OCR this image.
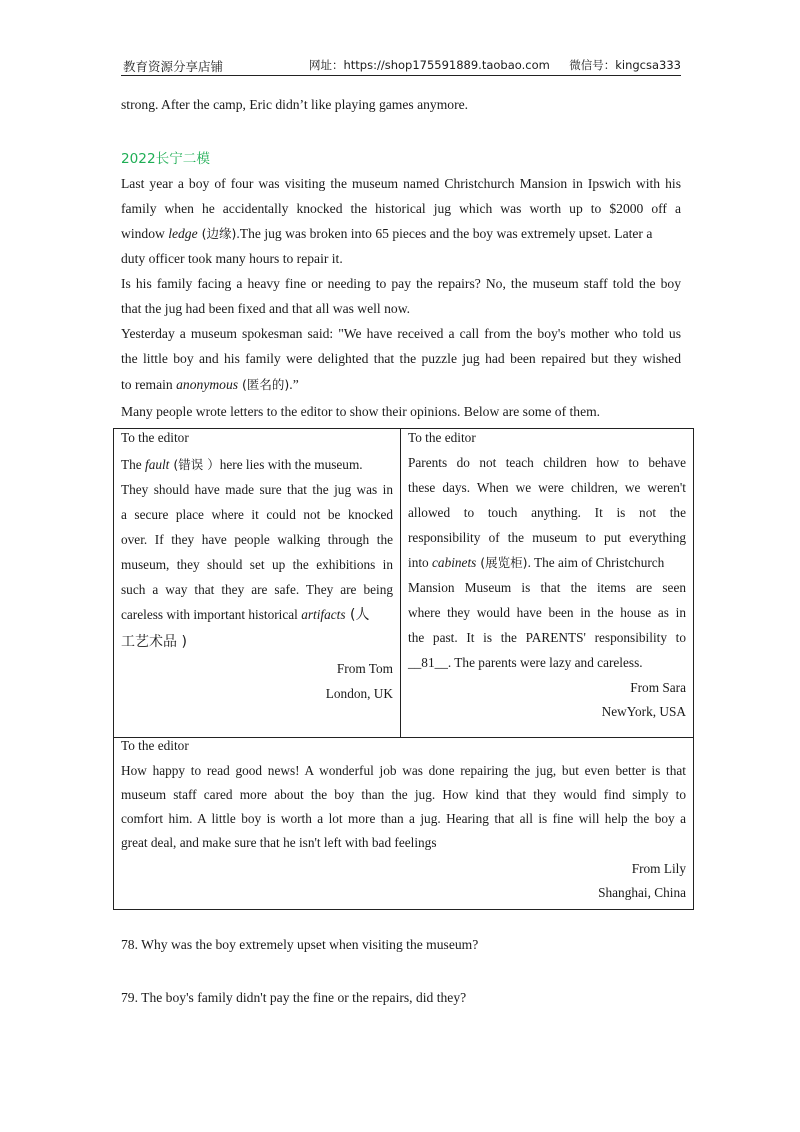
教育资源分享店铺	网址：https://shop175591889.taobao.com 微信号：kingcsa333
strong. After the camp, Eric didn’t like playing games anymore.
2022长宁二模
Last year a boy of four was visiting the museum named Christchurch Mansion in Ipswich with his
family when he accidentally knocked the historical jug which was worth up to $2000 off a
window ledge (边缘).The jug was broken into 65 pieces and the boy was extremely upset. Later a
duty officer took many hours to repair it.
Is his family facing a heavy fine or needing to pay the repairs? No, the museum staff told the boy
that the jug had been fixed and that all was well now.
Yesterday a museum spokesman said: "We have received a call from the boy's mother who told us
the little boy and his family were delighted that the puzzle jug had been repaired but they wished
to remain anonymous (匿名的).”
Many people wrote letters to the editor to show their opinions. Below are some of them.
To the editor
The fault (错误 ）here lies with the museum.
They should have made sure that the jug was in
a secure place where it could not be knocked
over. If they have people walking through the
museum, they should set up the exhibitions in
such a way that they are safe. They are being
careless with important historical artifacts (人
工艺术品 )
From Tom
London, UK
To the editor
Parents do not teach children how to behave
these days. When we were children, we weren't
allowed to touch anything. It is not the
responsibility of the museum to put everything
into cabinets (展览柜). The aim of Christchurch
Mansion Museum is that the items are seen
where they would have been in the house as in
the past. It is the PARENTS' responsibility to
__81__. The parents were lazy and careless.
From Sara
NewYork, USA
To the editor
How happy to read good news! A wonderful job was done repairing the jug, but even better is that
museum staff cared more about the boy than the jug. How kind that they would find simply to
comfort him. A little boy is worth a lot more than a jug. Hearing that all is fine will help the boy a
great deal, and make sure that he isn't left with bad feelings
From Lily
Shanghai, China
78. Why was the boy extremely upset when visiting the museum?
79. The boy's family didn't pay the fine or the repairs, did they?
